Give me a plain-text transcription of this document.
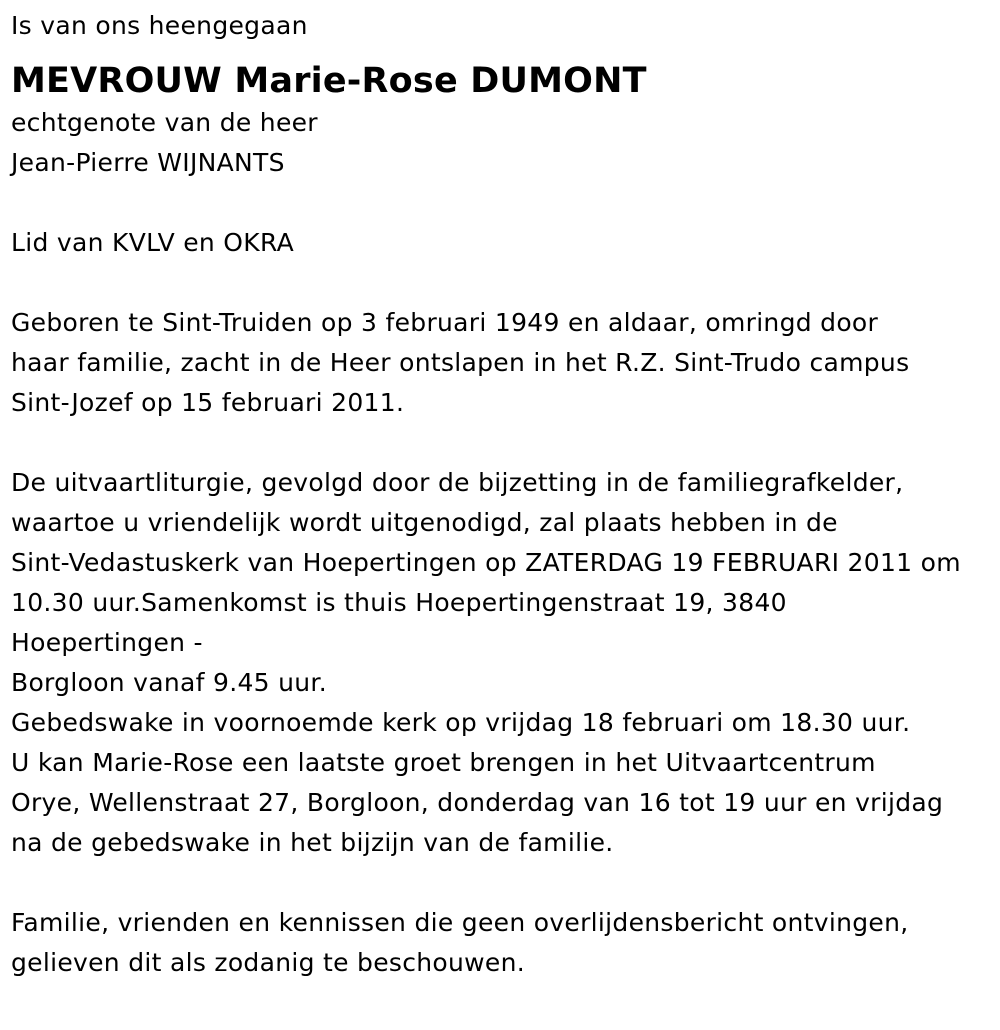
Is van ons heengegaan
MEVROUW Marie-Rose DUMONT
echtgenote van de heer
Jean-Pierre WIJNANTS
Lid van KVLV en OKRA
Geboren te Sint-Truiden op 3 februari 1949 en aldaar, omringd door
haar familie, zacht in de Heer ontslapen in het R.Z. Sint-Trudo campus
Sint-Jozef op 15 februari 2011.
De uitvaartliturgie, gevolgd door de bijzetting in de familiegrafkelder,
waartoe u vriendelijk wordt uitgenodigd, zal plaats hebben in de
Sint-Vedastuskerk van Hoepertingen op ZATERDAG 19 FEBRUARI 2011 om
10.30 uur.Samenkomst is thuis Hoepertingenstraat 19, 3840
Hoepertingen -
Borgloon vanaf 9.45 uur.
Gebedswake in voornoemde kerk op vrijdag 18 februari om 18.30 uur.
U kan Marie-Rose een laatste groet brengen in het Uitvaartcentrum
Orye, Wellenstraat 27, Borgloon, donderdag van 16 tot 19 uur en vrijdag
na de gebedswake in het bijzijn van de familie.
Familie, vrienden en kennissen die geen overlijdensbericht ontvingen,
gelieven dit als zodanig te beschouwen.
